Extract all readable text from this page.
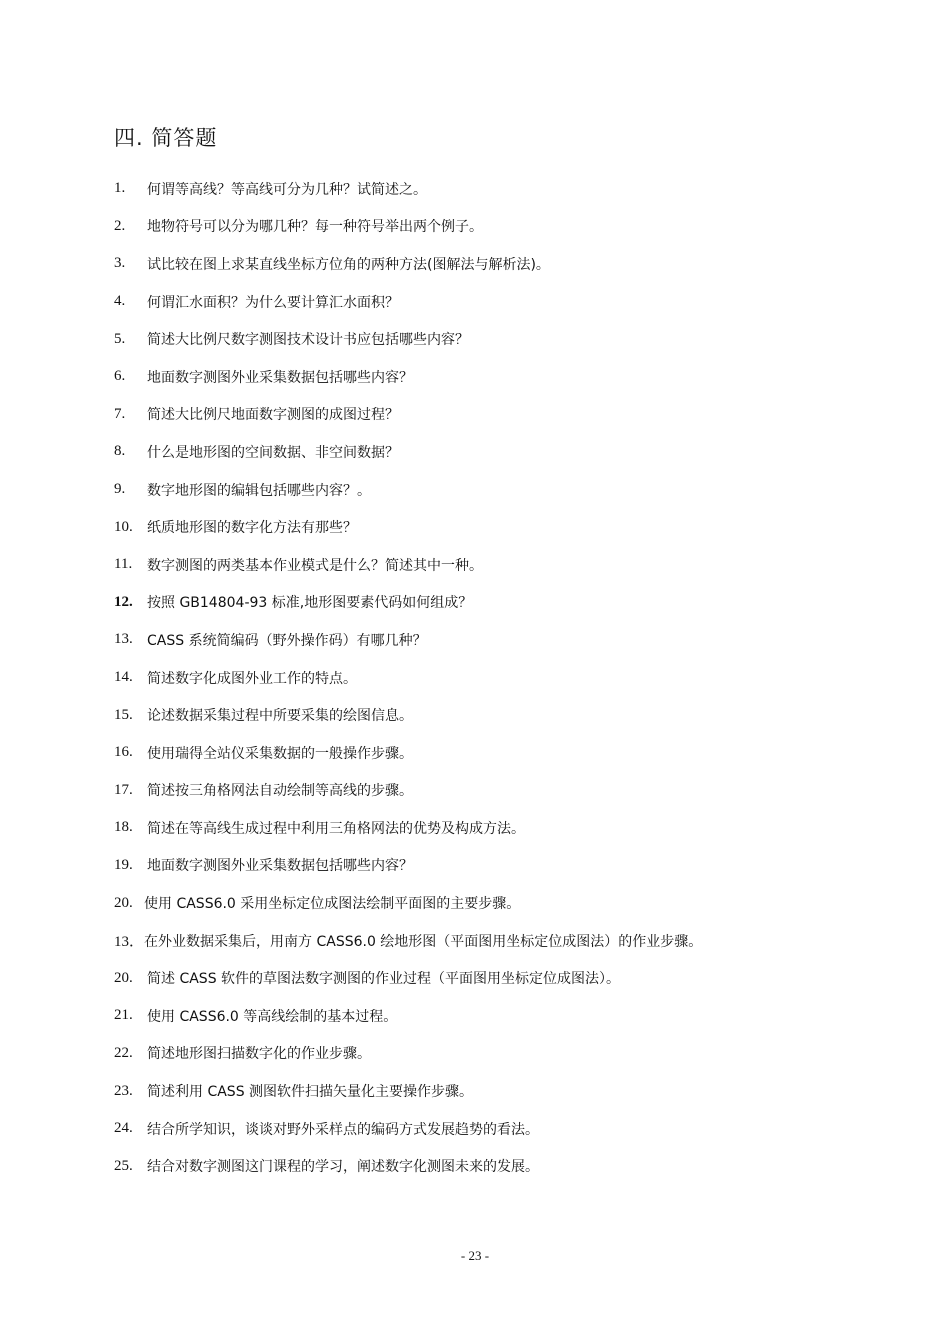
四. 简答题
1.	何谓等高线？等高线可分为几种？试简述之。
2.	地物符号可以分为哪几种？每一种符号举出两个例子。
3.	试比较在图上求某直线坐标方位角的两种方法(图解法与解析法)。
4.	何谓汇水面积？为什么要计算汇水面积？
5.	简述大比例尺数字测图技术设计书应包括哪些内容？
6.	地面数字测图外业采集数据包括哪些内容？
7.	简述大比例尺地面数字测图的成图过程？
8.	什么是地形图的空间数据、非空间数据？
9.	数字地形图的编辑包括哪些内容？。
10.	纸质地形图的数字化方法有那些？
11.	数字测图的两类基本作业模式是什么？简述其中一种。
12.	按照 GB14804-93 标准,地形图要素代码如何组成？
13.	CASS 系统简编码（野外操作码）有哪几种？
14.	简述数字化成图外业工作的特点。
15.	论述数据采集过程中所要采集的绘图信息。
16.	使用瑞得全站仪采集数据的一般操作步骤。
17.	简述按三角格网法自动绘制等高线的步骤。
18.	简述在等高线生成过程中利用三角格网法的优势及构成方法。
19.	地面数字测图外业采集数据包括哪些内容？
20. 使用 CASS6.0 采用坐标定位成图法绘制平面图的主要步骤。
13． 在外业数据采集后，用南方 CASS6.0 绘地形图（平面图用坐标定位成图法）的作业步骤。
20.	简述 CASS 软件的草图法数字测图的作业过程（平面图用坐标定位成图法）。
21.	使用 CASS6.0 等高线绘制的基本过程。
22.	简述地形图扫描数字化的作业步骤。
23.	简述利用 CASS 测图软件扫描矢量化主要操作步骤。
24.	结合所学知识，谈谈对野外采样点的编码方式发展趋势的看法。
25.	结合对数字测图这门课程的学习，阐述数字化测图未来的发展。
- 23 -
